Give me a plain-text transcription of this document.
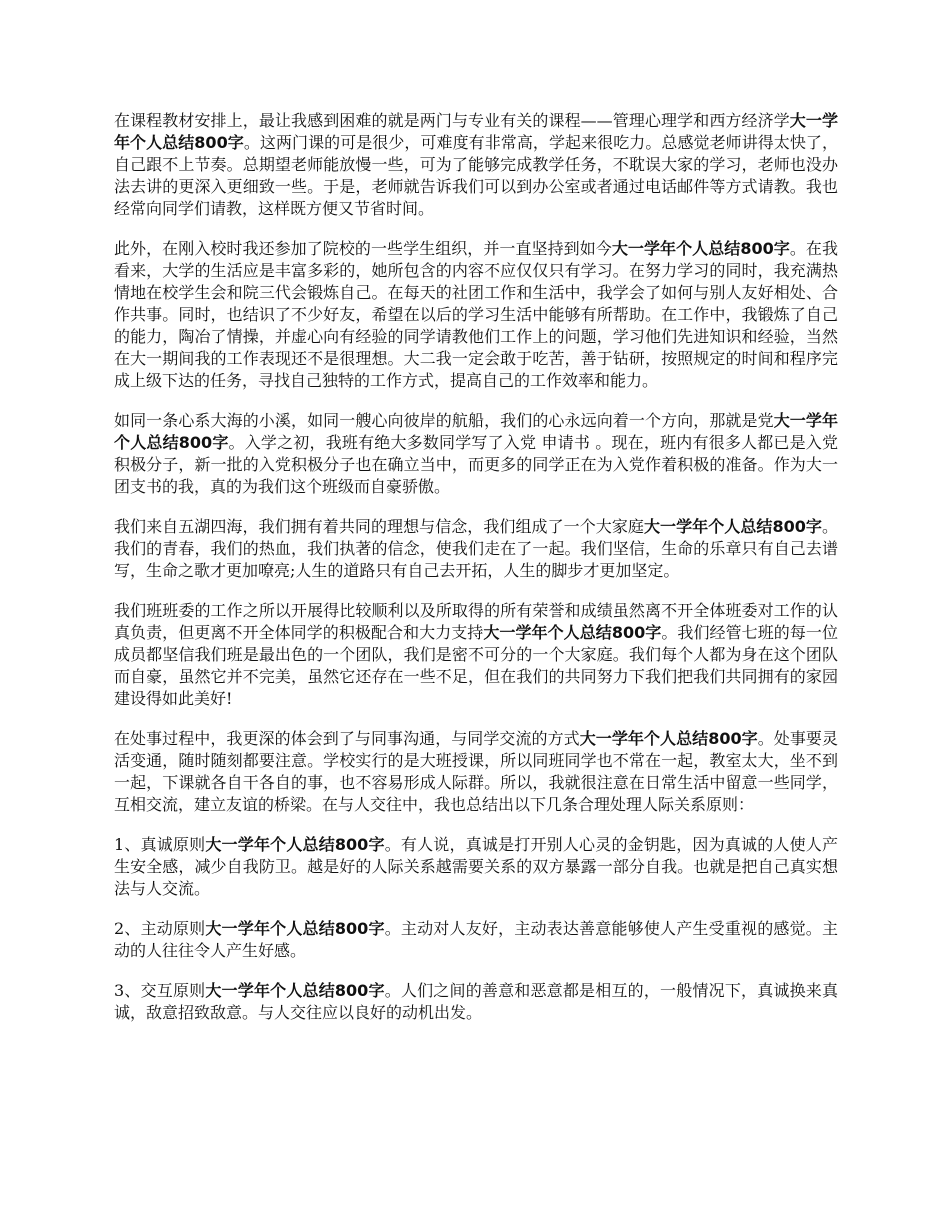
在课程教材安排上，最让我感到困难的就是两门与专业有关的课程——管理心理学和西方经济学大一学年个人总结800字。这两门课的可是很少，可难度有非常高，学起来很吃力。总感觉老师讲得太快了，自己跟不上节奏。总期望老师能放慢一些，可为了能够完成教学任务，不耽误大家的学习，老师也没办法去讲的更深入更细致一些。于是，老师就告诉我们可以到办公室或者通过电话邮件等方式请教。我也经常向同学们请教，这样既方便又节省时间。

此外，在刚入校时我还参加了院校的一些学生组织，并一直坚持到如今大一学年个人总结800字。在我看来，大学的生活应是丰富多彩的，她所包含的内容不应仅仅只有学习。在努力学习的同时，我充满热情地在校学生会和院三代会锻炼自己。在每天的社团工作和生活中，我学会了如何与别人友好相处、合作共事。同时，也结识了不少好友，希望在以后的学习生活中能够有所帮助。在工作中，我锻炼了自己的能力，陶冶了情操，并虚心向有经验的同学请教他们工作上的问题，学习他们先进知识和经验，当然在大一期间我的工作表现还不是很理想。大二我一定会敢于吃苦，善于钻研，按照规定的时间和程序完成上级下达的任务，寻找自己独特的工作方式，提高自己的工作效率和能力。

如同一条心系大海的小溪，如同一艘心向彼岸的航船，我们的心永远向着一个方向，那就是党大一学年个人总结800字。入学之初，我班有绝大多数同学写了入党 申请书 。现在，班内有很多人都已是入党积极分子，新一批的入党积极分子也在确立当中，而更多的同学正在为入党作着积极的准备。作为大一团支书的我，真的为我们这个班级而自豪骄傲。

我们来自五湖四海，我们拥有着共同的理想与信念，我们组成了一个大家庭大一学年个人总结800字。我们的青春，我们的热血，我们执著的信念，使我们走在了一起。我们坚信，生命的乐章只有自己去谱写，生命之歌才更加嘹亮;人生的道路只有自己去开拓，人生的脚步才更加坚定。

我们班班委的工作之所以开展得比较顺利以及所取得的所有荣誉和成绩虽然离不开全体班委对工作的认真负责，但更离不开全体同学的积极配合和大力支持大一学年个人总结800字。我们经管七班的每一位成员都坚信我们班是最出色的一个团队，我们是密不可分的一个大家庭。我们每个人都为身在这个团队而自豪，虽然它并不完美，虽然它还存在一些不足，但在我们的共同努力下我们把我们共同拥有的家园建设得如此美好!

在处事过程中，我更深的体会到了与同事沟通，与同学交流的方式大一学年个人总结800字。处事要灵活变通，随时随刻都要注意。学校实行的是大班授课，所以同班同学也不常在一起，教室太大，坐不到一起，下课就各自干各自的事，也不容易形成人际群。所以，我就很注意在日常生活中留意一些同学，互相交流，建立友谊的桥梁。在与人交往中，我也总结出以下几条合理处理人际关系原则：

1、真诚原则大一学年个人总结800字。有人说，真诚是打开别人心灵的金钥匙，因为真诚的人使人产生安全感，减少自我防卫。越是好的人际关系越需要关系的双方暴露一部分自我。也就是把自己真实想法与人交流。

2、主动原则大一学年个人总结800字。主动对人友好，主动表达善意能够使人产生受重视的感觉。主动的人往往令人产生好感。

3、交互原则大一学年个人总结800字。人们之间的善意和恶意都是相互的，一般情况下，真诚换来真诚，敌意招致敌意。与人交往应以良好的动机出发。
